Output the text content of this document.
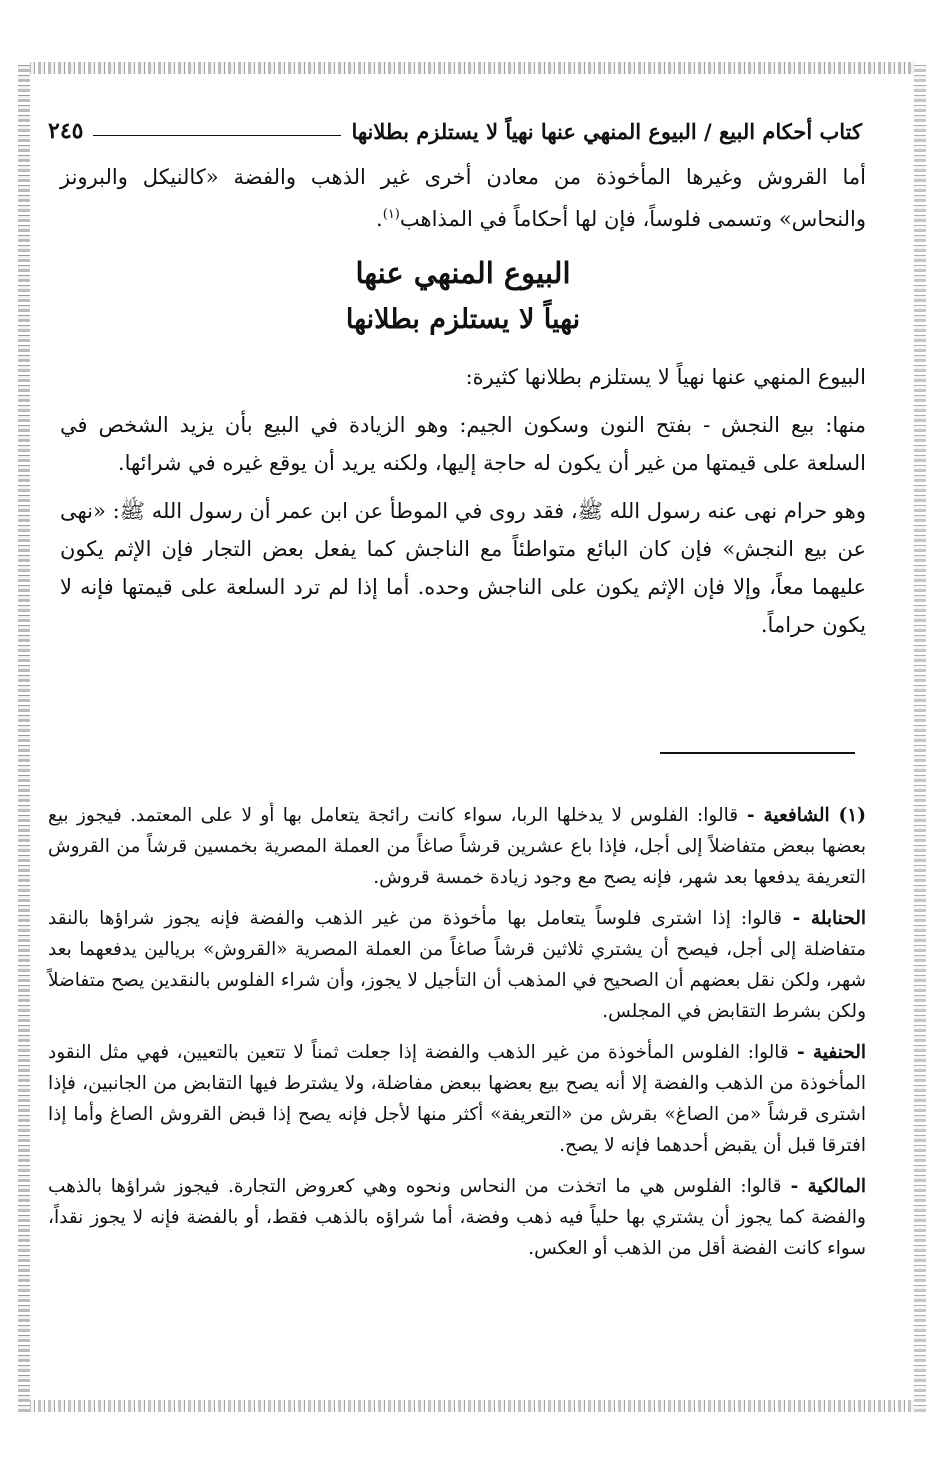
كتاب أحكام البيع / البيوع المنهي عنها نهياً لا يستلزم بطلانها
٢٤٥

أما القروش وغيرها المأخوذة من معادن أخرى غير الذهب والفضة «كالنيكل والبرونز والنحاس» وتسمى فلوساً، فإن لها أحكاماً في المذاهب$^{(١)}$.

البيوع المنهي عنها
نهياً لا يستلزم بطلانها

البيوع المنهي عنها نهياً لا يستلزم بطلانها كثيرة:

منها: بيع النجش - بفتح النون وسكون الجيم: وهو الزيادة في البيع بأن يزيد الشخص في السلعة على قيمتها من غير أن يكون له حاجة إليها، ولكنه يريد أن يوقع غيره في شرائها.

وهو حرام نهى عنه رسول الله ﷺ، فقد روى في الموطأ عن ابن عمر أن رسول الله ﷺ: «نهى عن بيع النجش» فإن كان البائع متواطئاً مع الناجش كما يفعل بعض التجار فإن الإثم يكون عليهما معاً، وإلا فإن الإثم يكون على الناجش وحده. أما إذا لم ترد السلعة على قيمتها فإنه لا يكون حراماً.

(١) الشافعية - قالوا: الفلوس لا يدخلها الربا، سواء كانت رائجة يتعامل بها أو لا على المعتمد. فيجوز بيع بعضها ببعض متفاضلاً إلى أجل، فإذا باع عشرين قرشاً صاغاً من العملة المصرية بخمسين قرشاً من القروش التعريفة يدفعها بعد شهر، فإنه يصح مع وجود زيادة خمسة قروش.

الحنابلة - قالوا: إذا اشترى فلوساً يتعامل بها مأخوذة من غير الذهب والفضة فإنه يجوز شراؤها بالنقد متفاضلة إلى أجل، فيصح أن يشتري ثلاثين قرشاً صاغاً من العملة المصرية «القروش» بريالين يدفعهما بعد شهر، ولكن نقل بعضهم أن الصحيح في المذهب أن التأجيل لا يجوز، وأن شراء الفلوس بالنقدين يصح متفاضلاً ولكن بشرط التقابض في المجلس.

الحنفية - قالوا: الفلوس المأخوذة من غير الذهب والفضة إذا جعلت ثمناً لا تتعين بالتعيين، فهي مثل النقود المأخوذة من الذهب والفضة إلا أنه يصح بيع بعضها ببعض مفاضلة، ولا يشترط فيها التقابض من الجانبين، فإذا اشترى قرشاً «من الصاغ» بقرش من «التعريفة» أكثر منها لأجل فإنه يصح إذا قبض القروش الصاغ وأما إذا افترقا قبل أن يقبض أحدهما فإنه لا يصح.

المالكية - قالوا: الفلوس هي ما اتخذت من النحاس ونحوه وهي كعروض التجارة. فيجوز شراؤها بالذهب والفضة كما يجوز أن يشتري بها حلياً فيه ذهب وفضة، أما شراؤه بالذهب فقط، أو بالفضة فإنه لا يجوز نقداً، سواء كانت الفضة أقل من الذهب أو العكس.
